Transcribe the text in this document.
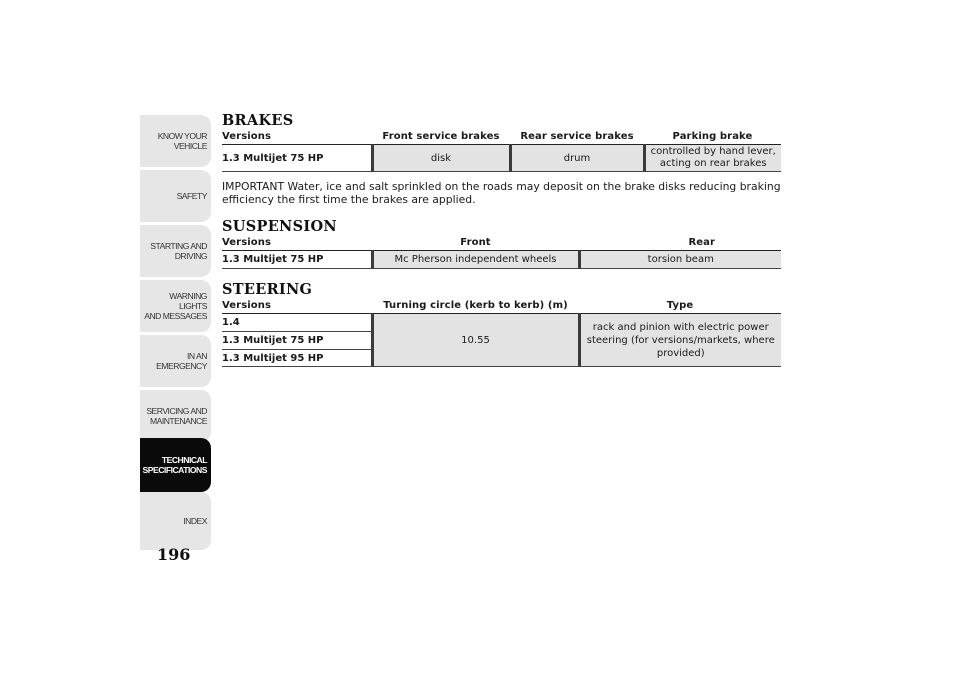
KNOW YOUR
VEHICLE
SAFETY
STARTING AND
DRIVING
WARNING LIGHTS
AND MESSAGES
IN AN EMERGENCY
SERVICING AND
MAINTENANCE
TECHNICAL
SPECIFICATIONS
INDEX
196
BRAKES
Versions	Front service brakes	Rear service brakes	Parking brake
1.3 Multijet 75 HP	disk	drum	controlled by hand lever,
acting on rear brakes

IMPORTANT Water, ice and salt sprinkled on the roads may deposit on the brake disks reducing braking efficiency the first time the brakes are applied.

SUSPENSION
Versions	Front	Rear
1.3 Multijet 75 HP	Mc Pherson independent wheels	torsion beam
STEERING
Versions	Turning circle (kerb to kerb) (m)	Type
1.4	10.55	rack and pinion with electric power
steering (for versions/markets, where
provided)
1.3 Multijet 75 HP		
1.3 Multijet 95 HP		
